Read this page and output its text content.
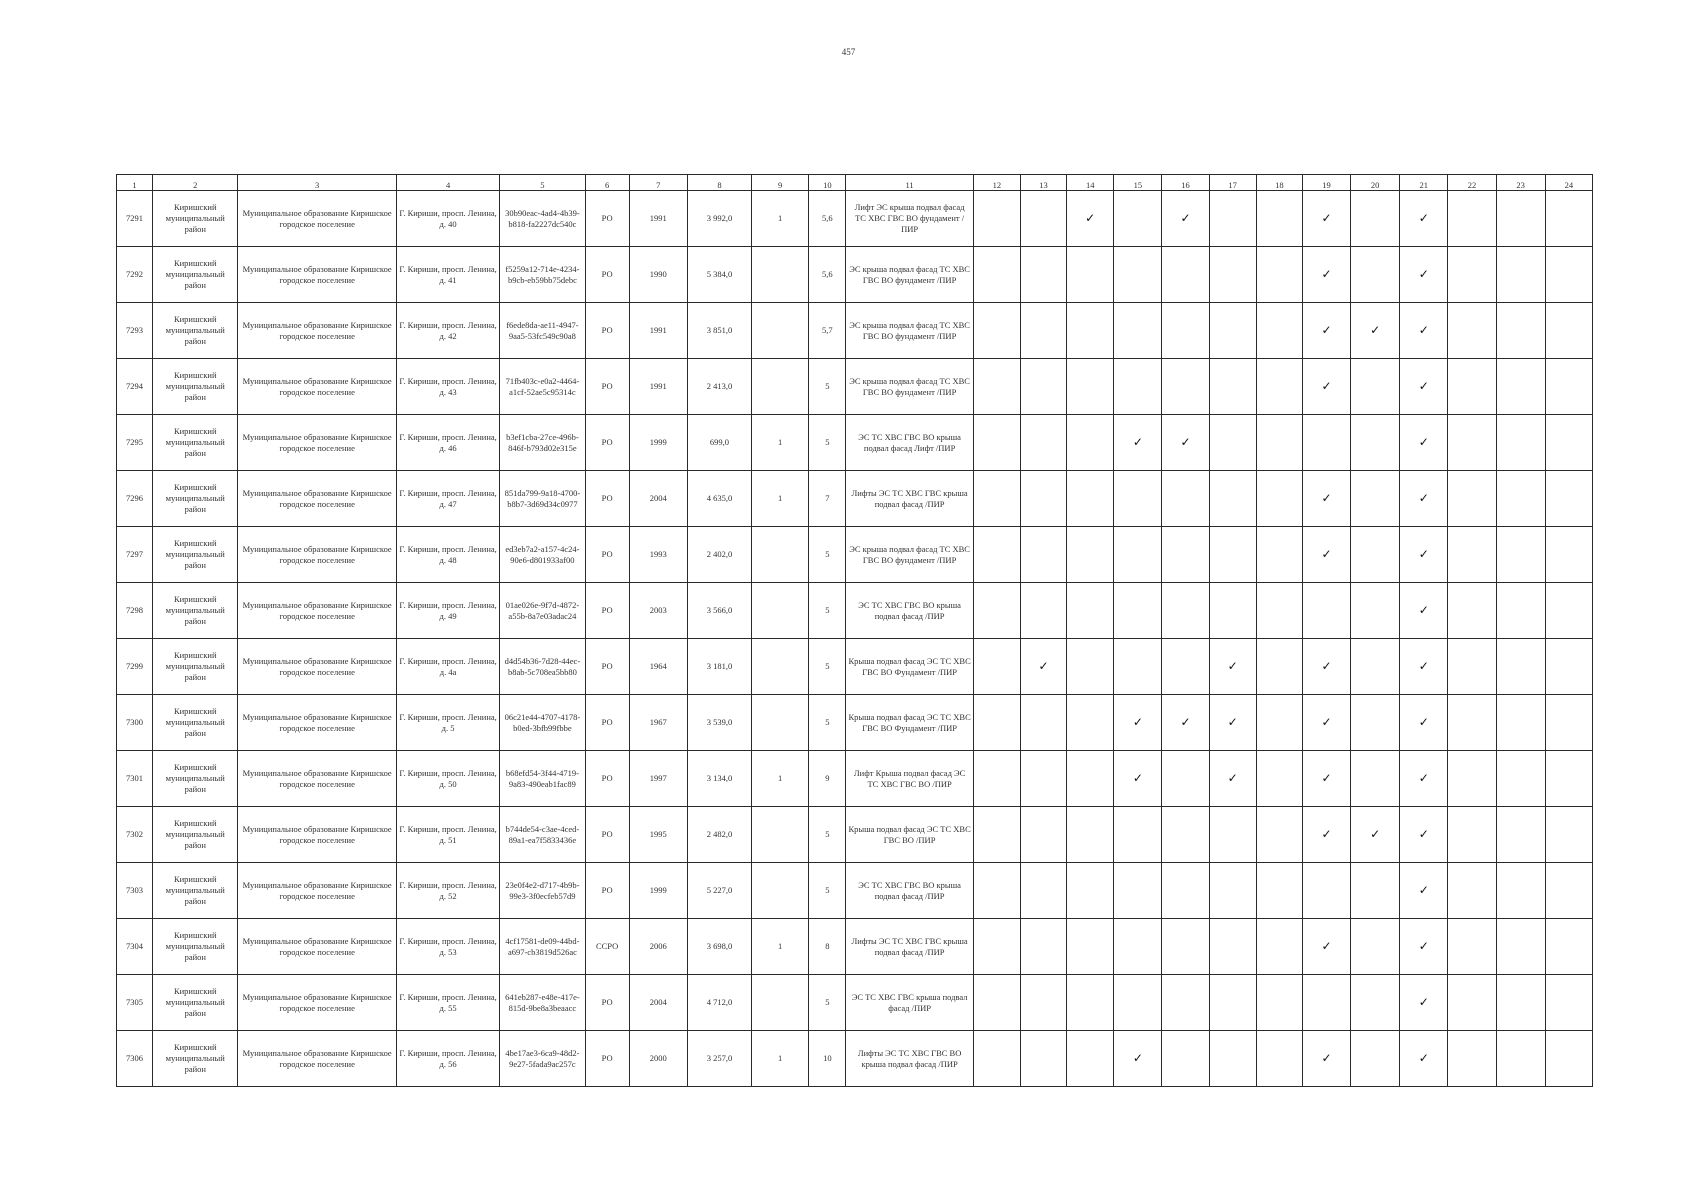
457
1	2	3	4	5	6	7	8	9	10	11	12	13	14	15	16	17	18	19	20	21	22	23	24
7291	Киришский муниципальный район	Муниципальное образование Киришское городское поселение	Г. Кириши, просп. Ленина, д. 40	30b90eac-4ad4-4b39-b818-fa2227dc540c	РО	1991	3 992,0	1	5,6	Лифт ЭС крыша подвал фасад ТС ХВС ГВС ВО фундамент /ПИР			✓		✓			✓		✓			
7292	Киришский муниципальный район	Муниципальное образование Киришское городское поселение	Г. Кириши, просп. Ленина, д. 41	f5259a12-714e-4234-b9cb-eb59bb75debc	РО	1990	5 384,0		5,6	ЭС крыша подвал фасад ТС ХВС ГВС ВО фундамент /ПИР								✓		✓			
7293	Киришский муниципальный район	Муниципальное образование Киришское городское поселение	Г. Кириши, просп. Ленина, д. 42	f6ede8da-ae11-4947-9aa5-53fc549c90a8	РО	1991	3 851,0		5,7	ЭС крыша подвал фасад ТС ХВС ГВС ВО фундамент /ПИР								✓	✓	✓			
7294	Киришский муниципальный район	Муниципальное образование Киришское городское поселение	Г. Кириши, просп. Ленина, д. 43	71fb403c-e0a2-4464-a1cf-52ae5c95314c	РО	1991	2 413,0		5	ЭС крыша подвал фасад ТС ХВС ГВС ВО фундамент /ПИР								✓		✓			
7295	Киришский муниципальный район	Муниципальное образование Киришское городское поселение	Г. Кириши, просп. Ленина, д. 46	b3ef1cba-27ce-496b-846f-b793d02e315e	РО	1999	699,0	1	5	ЭС ТС ХВС ГВС ВО крыша подвал фасад Лифт /ПИР				✓	✓					✓			
7296	Киришский муниципальный район	Муниципальное образование Киришское городское поселение	Г. Кириши, просп. Ленина, д. 47	851da799-9a18-4700-b8b7-3d69d34c0977	РО	2004	4 635,0	1	7	Лифты ЭС ТС ХВС ГВС крыша подвал фасад /ПИР								✓		✓			
7297	Киришский муниципальный район	Муниципальное образование Киришское городское поселение	Г. Кириши, просп. Ленина, д. 48	ed3eb7a2-a157-4c24-90e6-d801933af00	РО	1993	2 402,0		5	ЭС крыша подвал фасад ТС ХВС ГВС ВО фундамент /ПИР								✓		✓			
7298	Киришский муниципальный район	Муниципальное образование Киришское городское поселение	Г. Кириши, просп. Ленина, д. 49	01ae026e-9f7d-4872-a55b-8a7e03adac24	РО	2003	3 566,0		5	ЭС ТС ХВС ГВС ВО крыша подвал фасад /ПИР										✓			
7299	Киришский муниципальный район	Муниципальное образование Киришское городское поселение	Г. Кириши, просп. Ленина, д. 4а	d4d54b36-7d28-44ec-b8ab-5c708ea5bb80	РО	1964	3 181,0		5	Крыша подвал фасад ЭС ТС ХВС ГВС ВО Фундамент /ПИР		✓				✓		✓		✓			
7300	Киришский муниципальный район	Муниципальное образование Киришское городское поселение	Г. Кириши, просп. Ленина, д. 5	06c21e44-4707-4178-b0ed-3bfb99fbbe	РО	1967	3 539,0		5	Крыша подвал фасад ЭС ТС ХВС ГВС ВО Фундамент /ПИР				✓	✓	✓		✓		✓			
7301	Киришский муниципальный район	Муниципальное образование Киришское городское поселение	Г. Кириши, просп. Ленина, д. 50	b68efd54-3f44-4719-9a83-490eab1fac89	РО	1997	3 134,0	1	9	Лифт Крыша подвал фасад ЭС ТС ХВС ГВС ВО /ПИР				✓		✓		✓		✓			
7302	Киришский муниципальный район	Муниципальное образование Киришское городское поселение	Г. Кириши, просп. Ленина, д. 51	b744de54-c3ae-4ced-89a1-ea7f5833436e	РО	1995	2 482,0		5	Крыша подвал фасад ЭС ТС ХВС ГВС ВО /ПИР								✓	✓	✓			
7303	Киришский муниципальный район	Муниципальное образование Киришское городское поселение	Г. Кириши, просп. Ленина, д. 52	23e0f4e2-d717-4b9b-99e3-3f0ecfeb57d9	РО	1999	5 227,0		5	ЭС ТС ХВС ГВС ВО крыша подвал фасад /ПИР										✓			
7304	Киришский муниципальный район	Муниципальное образование Киришское городское поселение	Г. Кириши, просп. Ленина, д. 53	4cf17581-de09-44bd-a697-cb3819d526ac	ССРО	2006	3 698,0	1	8	Лифты ЭС ТС ХВС ГВС крыша подвал фасад /ПИР								✓		✓			
7305	Киришский муниципальный район	Муниципальное образование Киришское городское поселение	Г. Кириши, просп. Ленина, д. 55	641eb287-e48e-417e-815d-9be8a3beaacc	РО	2004	4 712,0		5	ЭС ТС ХВС ГВС крыша подвал фасад /ПИР										✓			
7306	Киришский муниципальный район	Муниципальное образование Киришское городское поселение	Г. Кириши, просп. Ленина, д. 56	4be17ae3-6ca9-48d2-9e27-5fada9ac257c	РО	2000	3 257,0	1	10	Лифты ЭС ТС ХВС ГВС ВО крыша подвал фасад /ПИР				✓				✓		✓			
